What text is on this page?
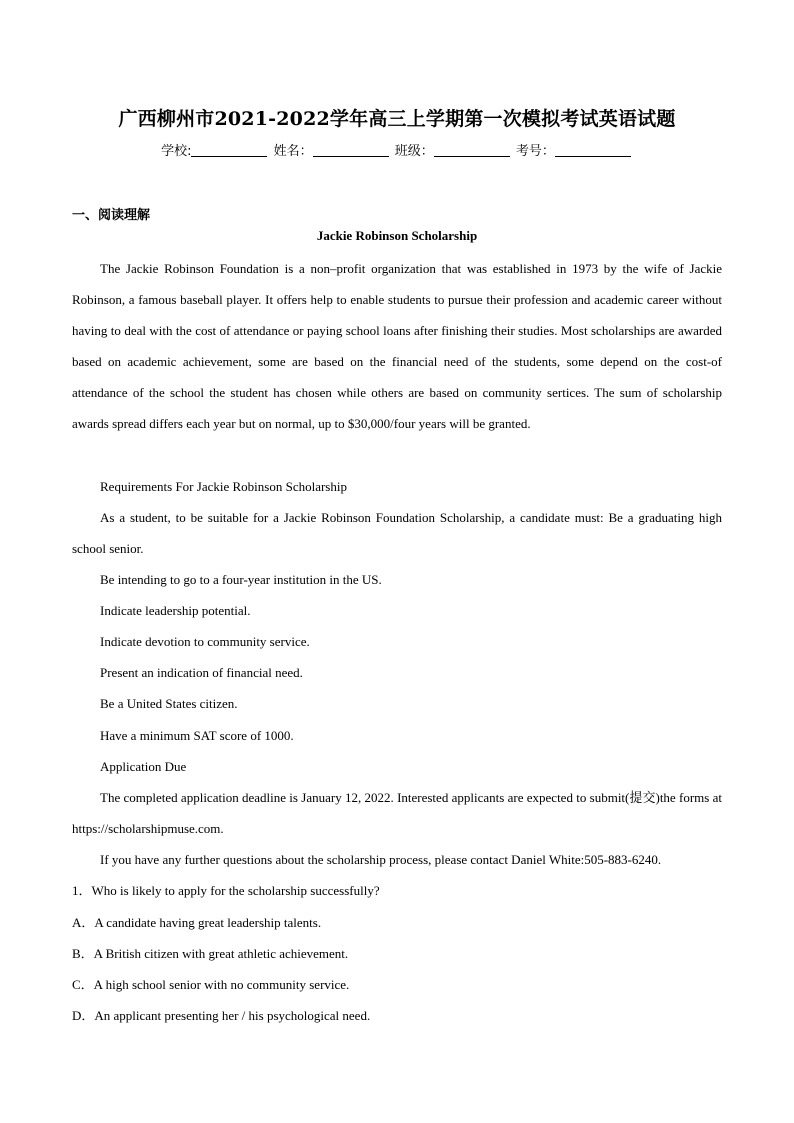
广西柳州市2021-2022学年高三上学期第一次模拟考试英语试题
学校:	姓名：	班级：	考号：
一、阅读理解
Jackie Robinson Scholarship

The Jackie Robinson Foundation is a non–profit organization that was established in 1973 by the wife of Jackie Robinson, a famous baseball player. It offers help to enable students to pursue their profession and academic career without having to deal with the cost of attendance or paying school loans after finishing their studies. Most scholarships are awarded based on academic achievement, some are based on the financial need of the students, some depend on the cost-of attendance of the school the student has chosen while others are based on community sertices. The sum of scholarship awards spread differs each year but on normal, up to $30,000/four years will be granted.

Requirements For Jackie Robinson Scholarship

As a student, to be suitable for a Jackie Robinson Foundation Scholarship, a candidate must: Be a graduating high school senior.

Be intending to go to a four-year institution in the US.
Indicate leadership potential.
Indicate devotion to community service.
Present an indication of financial need.
Be a United States citizen.
Have a minimum SAT score of 1000.
Application Due

The completed application deadline is January 12, 2022. Interested applicants are expected to submit(提交)the forms at https://scholarshipmuse.com.

If you have any further questions about the scholarship process, please contact Daniel White:505-883-6240.

1．Who is likely to apply for the scholarship successfully?
A．A candidate having great leadership talents.
B．A British citizen with great athletic achievement.
C．A high school senior with no community service.
D．An applicant presenting her / his psychological need.
